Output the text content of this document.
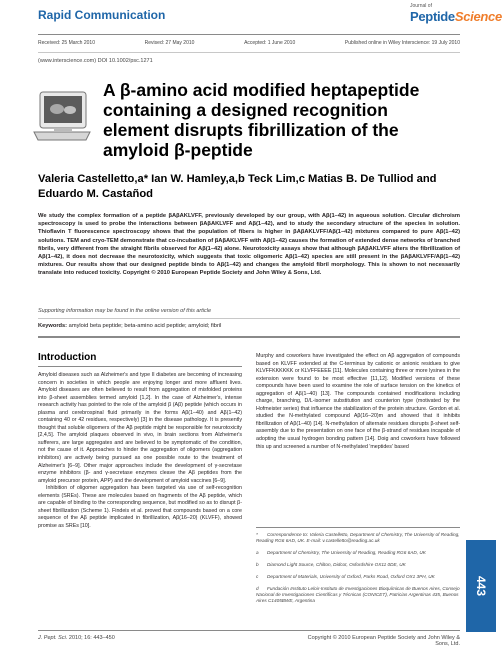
Rapid Communication
Journal of
PeptideScience
Received: 25 March 2010	Revised: 27 May 2010	Accepted: 1 June 2010	Published online in Wiley Interscience: 19 July 2010
(www.interscience.com) DOI 10.1002/psc.1271
A β-amino acid modified heptapeptide containing a designed recognition element disrupts fibrillization of the amyloid β-peptide
Valeria Castelletto,a* Ian W. Hamley,a,b Teck Lim,c Matias B. De Tulliod and Eduardo M. Castañod
We study the complex formation of a peptide βAβAKLVFF, previously developed by our group, with Aβ(1–42) in aqueous solution. Circular dichroism spectroscopy is used to probe the interactions between βAβAKLVFF and Aβ(1–42), and to study the secondary structure of the species in solution. Thioflavin T fluorescence spectroscopy shows that the population of fibers is higher in βAβAKLVFF/Aβ(1–42) mixtures compared to pure Aβ(1–42) solutions. TEM and cryo-TEM demonstrate that co-incubation of βAβAKLVFF with Aβ(1–42) causes the formation of extended dense networks of branched fibrils, very different from the straight fibrils observed for Aβ(1–42) alone. Neurotoxicity assays show that although βAβAKLVFF alters the fibrillization of Aβ(1–42), it does not decrease the neurotoxicity, which suggests that toxic oligomeric Aβ(1–42) species are still present in the βAβAKLVFF/Aβ(1–42) mixtures. Our results show that our designed peptide binds to Aβ(1–42) and changes the amyloid fibril morphology. This is shown to not necessarily translate into reduced toxicity. Copyright © 2010 European Peptide Society and John Wiley & Sons, Ltd.
Supporting information may be found in the online version of this article
Keywords: amyloid beta peptide; beta-amino acid peptide; amyloid; fibril
Introduction

Amyloid diseases such as Alzheimer's and type II diabetes are becoming of increasing concern in societies in which people are enjoying longer and more affluent lives. Amyloid diseases are often believed to result from aggregation of misfolded proteins into β-sheet assemblies termed amyloid [1,2]. In the case of Alzheimer's, intense research activity has pointed to the role of the amyloid β (Aβ) peptide (which occurs in plasma and cerebrospinal fluid primarily in the forms Aβ(1–40) and Aβ(1–42) containing 40 or 42 residues, respectively) [3] in the disease pathology. It is presently thought that soluble oligomers of the Aβ peptide might be responsible for neurotoxicity [2,4,5]. The amyloid plaques observed in vivo, in brain sections from Alzheimer's sufferers, are large aggregates and are believed to be symptomatic of the condition, not the cause of it. Approaches to hinder the aggregation of oligomers (aggregation inhibitors) are actively being pursued as one possible route to the treatment of Alzheimer's [6–9]. Other major approaches include the development of γ-secretase enzyme inhibitors (β- and γ-secretase enzymes cleave the Aβ peptides from the amyloid precursor protein, APP) and the development of amyloid vaccines [6–9].

Inhibition of oligomer aggregation has been targeted via use of self-recognition elements (SREs). These are molecules based on fragments of the Aβ peptide, which are capable of binding to the corresponding sequence, but modified so as to disrupt β-sheet fibrillization (Scheme 1). Findeis et al. proved that compounds based on a core sequence of the Aβ peptide implicated in fibrillization, Aβ(16–20) (KLVFF), showed promise as SREs [10].

Murphy and coworkers have investigated the effect on Aβ aggregation of compounds based on KLVFF extended at the C-terminus by cationic or anionic residues to give KLVFFKKKKKK or KLVFFEEEE [11]. Molecules containing three or more lysines in the extension were found to be most effective [11,12]. Modified versions of these compounds have been used to examine the role of surface tension on the kinetics of aggregation of Aβ(1–40) [13]. The compounds contained modifications including charge, branching, D/L-isomer substitution and counterion type (motivated by the Hofmeister series) that influence the stabilization of the protein structure. Gordon et al. studied the N-methylated compound Aβ(16–20)m and showed that it inhibits fibrillization of Aβ(1–40) [14]. N-methylation of alternate residues disrupts β-sheet self-assembly due to the presentation on one face of the β-strand of residues incapable of adopting the usual hydrogen bonding pattern [14]. Doig and coworkers have followed this up and screened a number of N-methylated 'meptides' based

* Correspondence to: Valeria Castelletto, Department of Chemistry, The University of Reading, Reading RG6 6AD, UK. E-mail: v.castelletto@reading.ac.uk
a Department of Chemistry, The University of Reading, Reading RG6 6AD, UK
b Diamond Light Source, Chilton, Didcot, Oxfordshire OX11 0DE, UK
c Department of Materials, University of Oxford, Parks Road, Oxford OX1 3PH, UK
d Fundación Instituto Leloir-Instituto de Investigaciones Bioquímicas de Buenos Aires, Consejo Nacional de Investigaciones Científicas y Técnicas (CONICET), Patricias Argentinas 435, Buenos Aires C1405BWE, Argentina
443
J. Pept. Sci. 2010; 16: 443–450	Copyright © 2010 European Peptide Society and John Wiley & Sons, Ltd.
